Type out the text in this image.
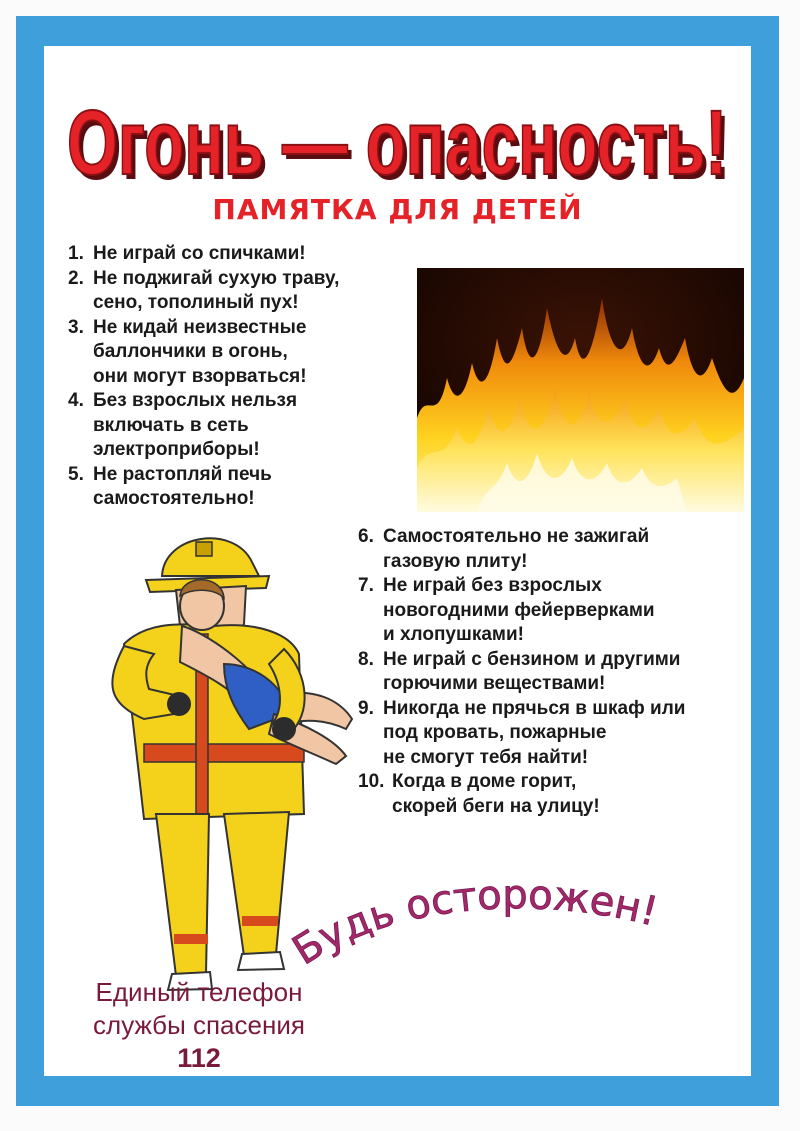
Огонь — опасность!
Огонь — опасность!
ПАМЯТКА ДЛЯ ДЕТЕЙ
1. Не играй со спичками!
2. Не поджигай сухую траву,
сено, тополиный пух!
3. Не кидай неизвестные
баллончики в огонь,
они могут взорваться!
4. Без взрослых нельзя
включать в сеть
электроприборы!
5. Не растопляй печь
самостоятельно!
6. Самостоятельно не зажигай
газовую плиту!
7. Не играй без взрослых
новогодними фейерверками
и хлопушками!
8. Не играй с бензином и другими
горючими веществами!
9. Никогда не прячься в шкаф или
под кровать, пожарные
не смогут тебя найти!
10. Когда в доме горит,
скорей беги на улицу!
Будь осторожен!
Единый телефон
службы спасения
112
